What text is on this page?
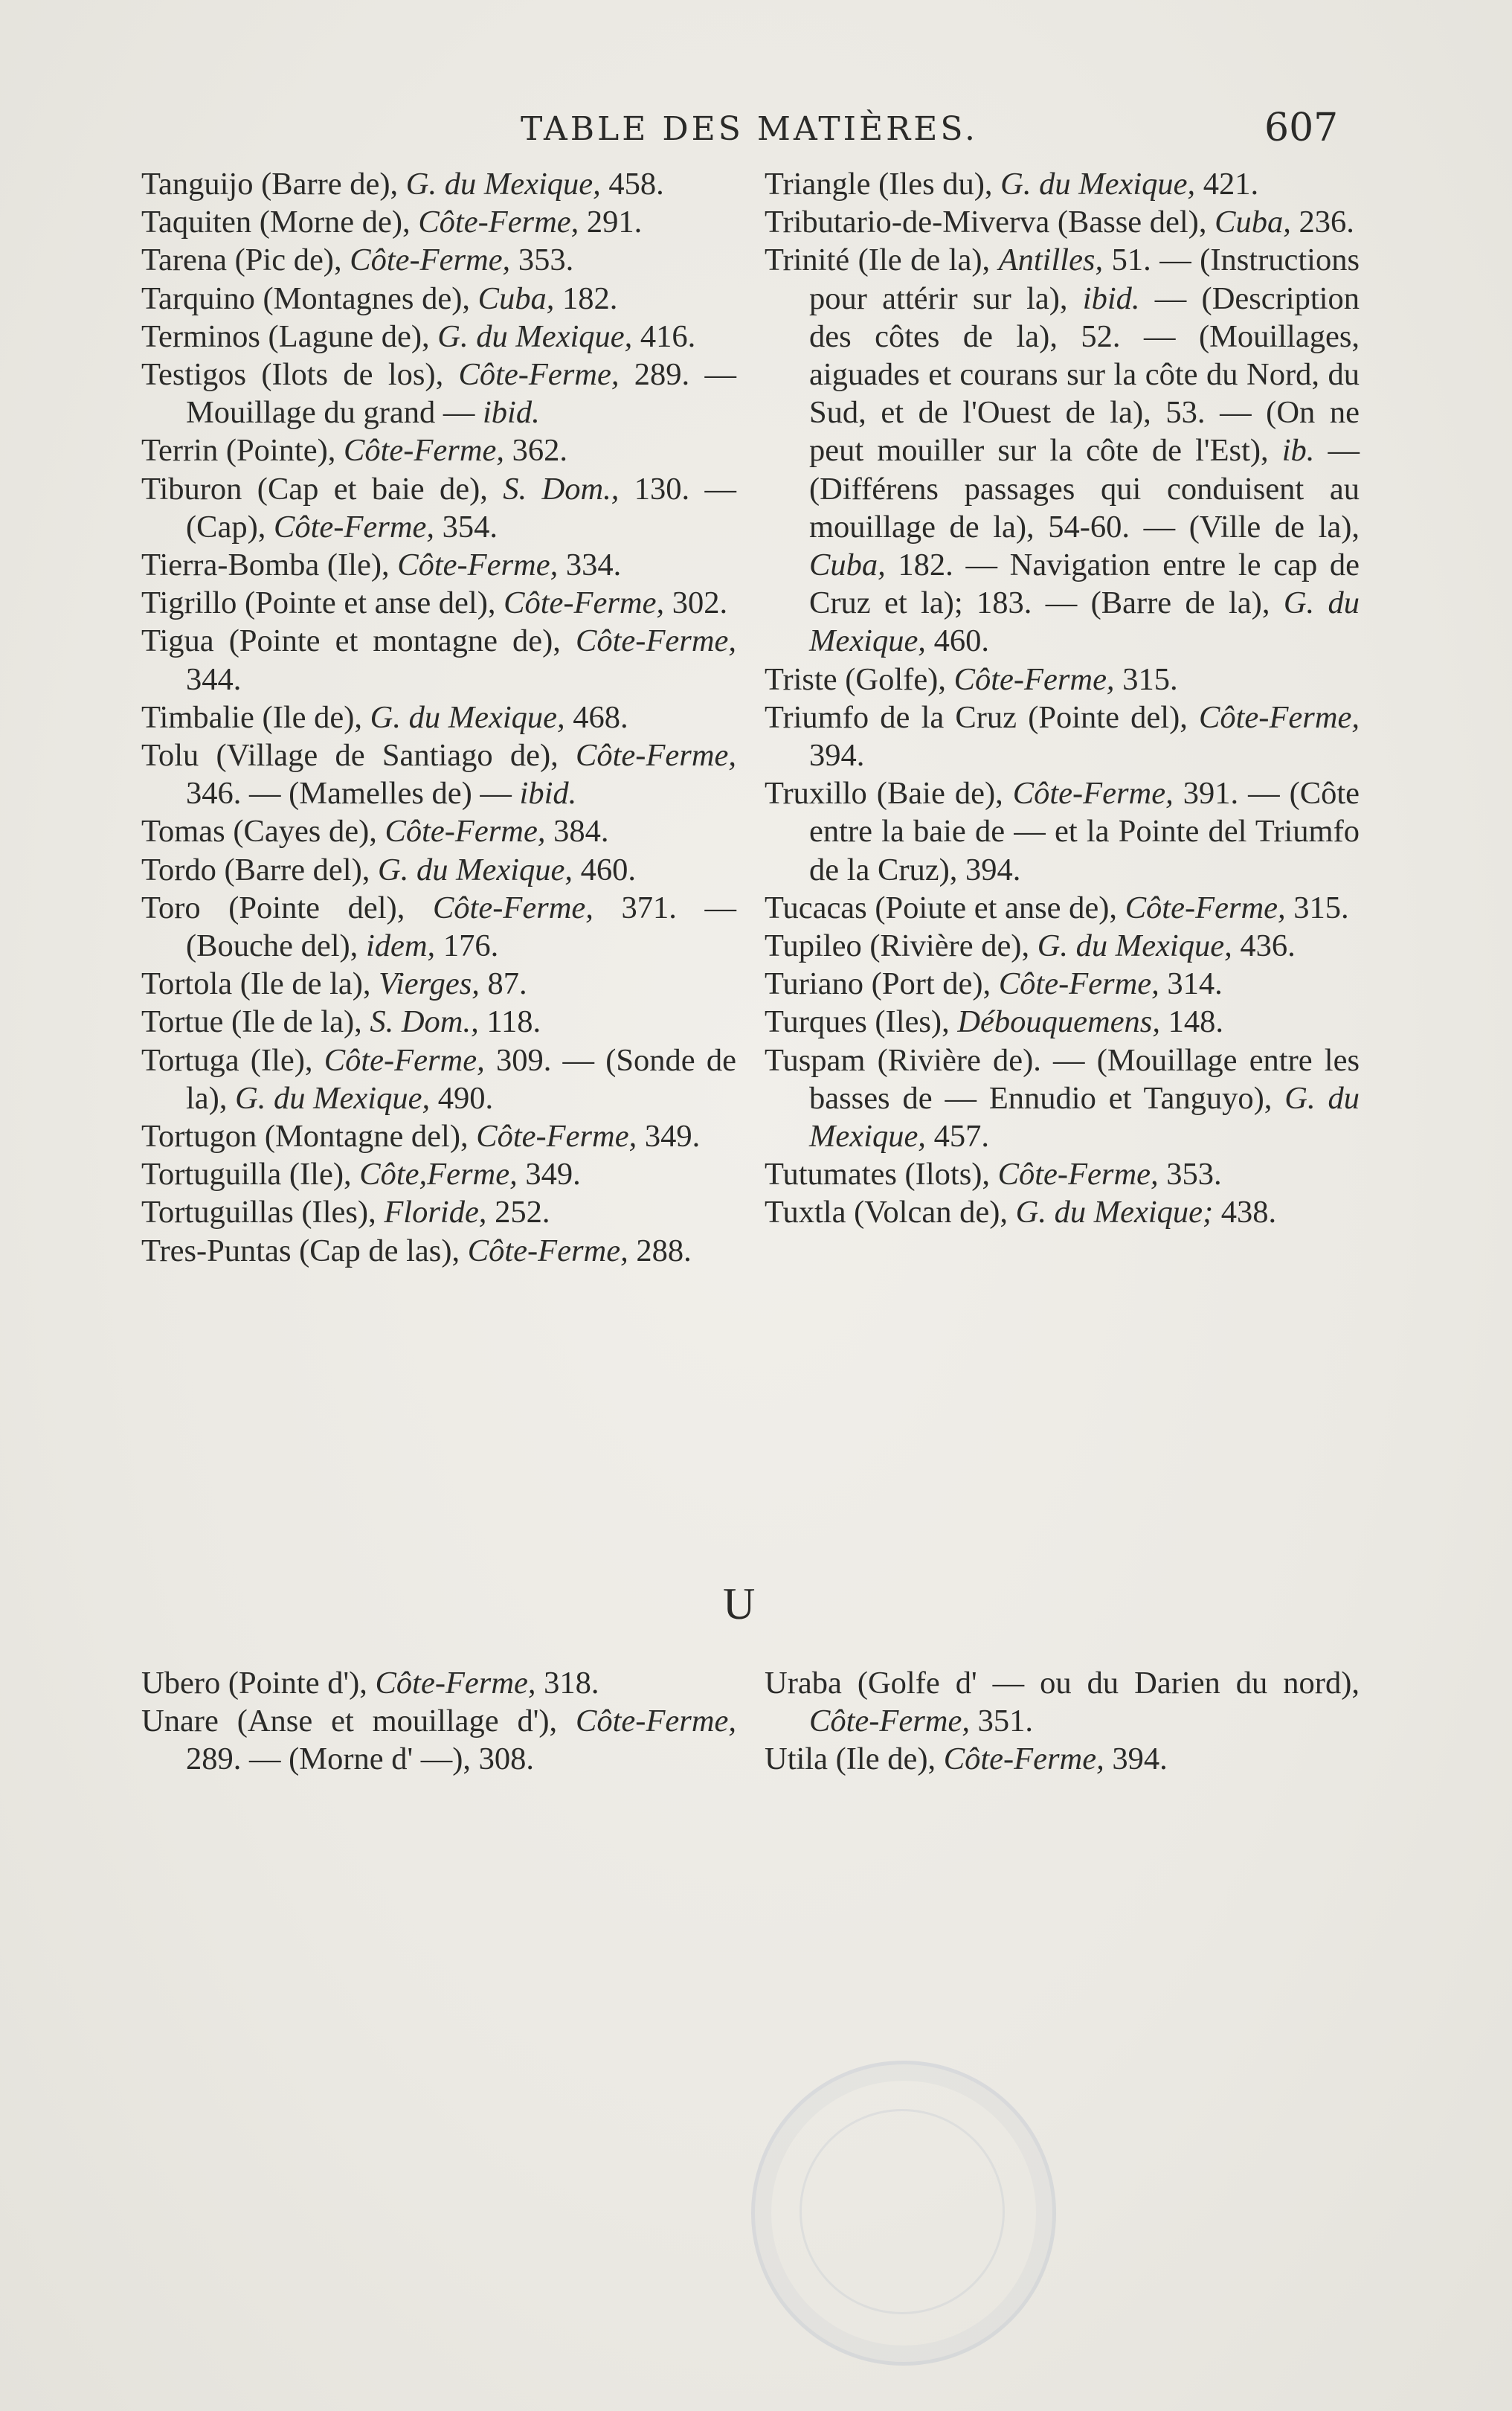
TABLE DES MATIÈRES.	607

Tanguijo (Barre de), G. du Mexique, 458.

Taquiten (Morne de), Côte-Ferme, 291.

Tarena (Pic de), Côte-Ferme, 353.

Tarquino (Montagnes de), Cuba, 182.

Terminos (Lagune de), G. du Mexique, 416.

Testigos (Ilots de los), Côte-Ferme, 289. — Mouillage du grand — ibid.

Terrin (Pointe), Côte-Ferme, 362.

Tiburon (Cap et baie de), S. Dom., 130. — (Cap), Côte-Ferme, 354.

Tierra-Bomba (Ile), Côte-Ferme, 334.

Tigrillo (Pointe et anse del), Côte-Ferme, 302.

Tigua (Pointe et montagne de), Côte-Ferme, 344.

Timbalie (Ile de), G. du Mexique, 468.

Tolu (Village de Santiago de), Côte-Ferme, 346. — (Mamelles de) — ibid.

Tomas (Cayes de), Côte-Ferme, 384.

Tordo (Barre del), G. du Mexique, 460.

Toro (Pointe del), Côte-Ferme, 371. — (Bouche del), idem, 176.

Tortola (Ile de la), Vierges, 87.

Tortue (Ile de la), S. Dom., 118.

Tortuga (Ile), Côte-Ferme, 309. — (Sonde de la), G. du Mexique, 490.

Tortugon (Montagne del), Côte-Ferme, 349.

Tortuguilla (Ile), Côte,Ferme, 349.

Tortuguillas (Iles), Floride, 252.

Tres-Puntas (Cap de las), Côte-Ferme, 288.

Triangle (Iles du), G. du Mexique, 421.

Tributario-de-Miverva (Basse del), Cuba, 236.

Trinité (Ile de la), Antilles, 51. — (Instructions pour attérir sur la), ibid. — (Description des côtes de la), 52. — (Mouillages, aiguades et courans sur la côte du Nord, du Sud, et de l'Ouest de la), 53. — (On ne peut mouiller sur la côte de l'Est), ib. — (Différens passages qui conduisent au mouillage de la), 54-60. — (Ville de la), Cuba, 182. — Navigation entre le cap de Cruz et la); 183. — (Barre de la), G. du Mexique, 460.

Triste (Golfe), Côte-Ferme, 315.

Triumfo de la Cruz (Pointe del), Côte-Ferme, 394.

Truxillo (Baie de), Côte-Ferme, 391. — (Côte entre la baie de — et la Pointe del Triumfo de la Cruz), 394.

Tucacas (Poiute et anse de), Côte-Ferme, 315.

Tupileo (Rivière de), G. du Mexique, 436.

Turiano (Port de), Côte-Ferme, 314.

Turques (Iles), Débouquemens, 148.

Tuspam (Rivière de). — (Mouillage entre les basses de — Ennudio et Tanguyo), G. du Mexique, 457.

Tutumates (Ilots), Côte-Ferme, 353.

Tuxtla (Volcan de), G. du Mexique; 438.

U

Ubero (Pointe d'), Côte-Ferme, 318.

Unare (Anse et mouillage d'), Côte-Ferme, 289. — (Morne d' —), 308.

Uraba (Golfe d' — ou du Darien du nord), Côte-Ferme, 351.

Utila (Ile de), Côte-Ferme, 394.
